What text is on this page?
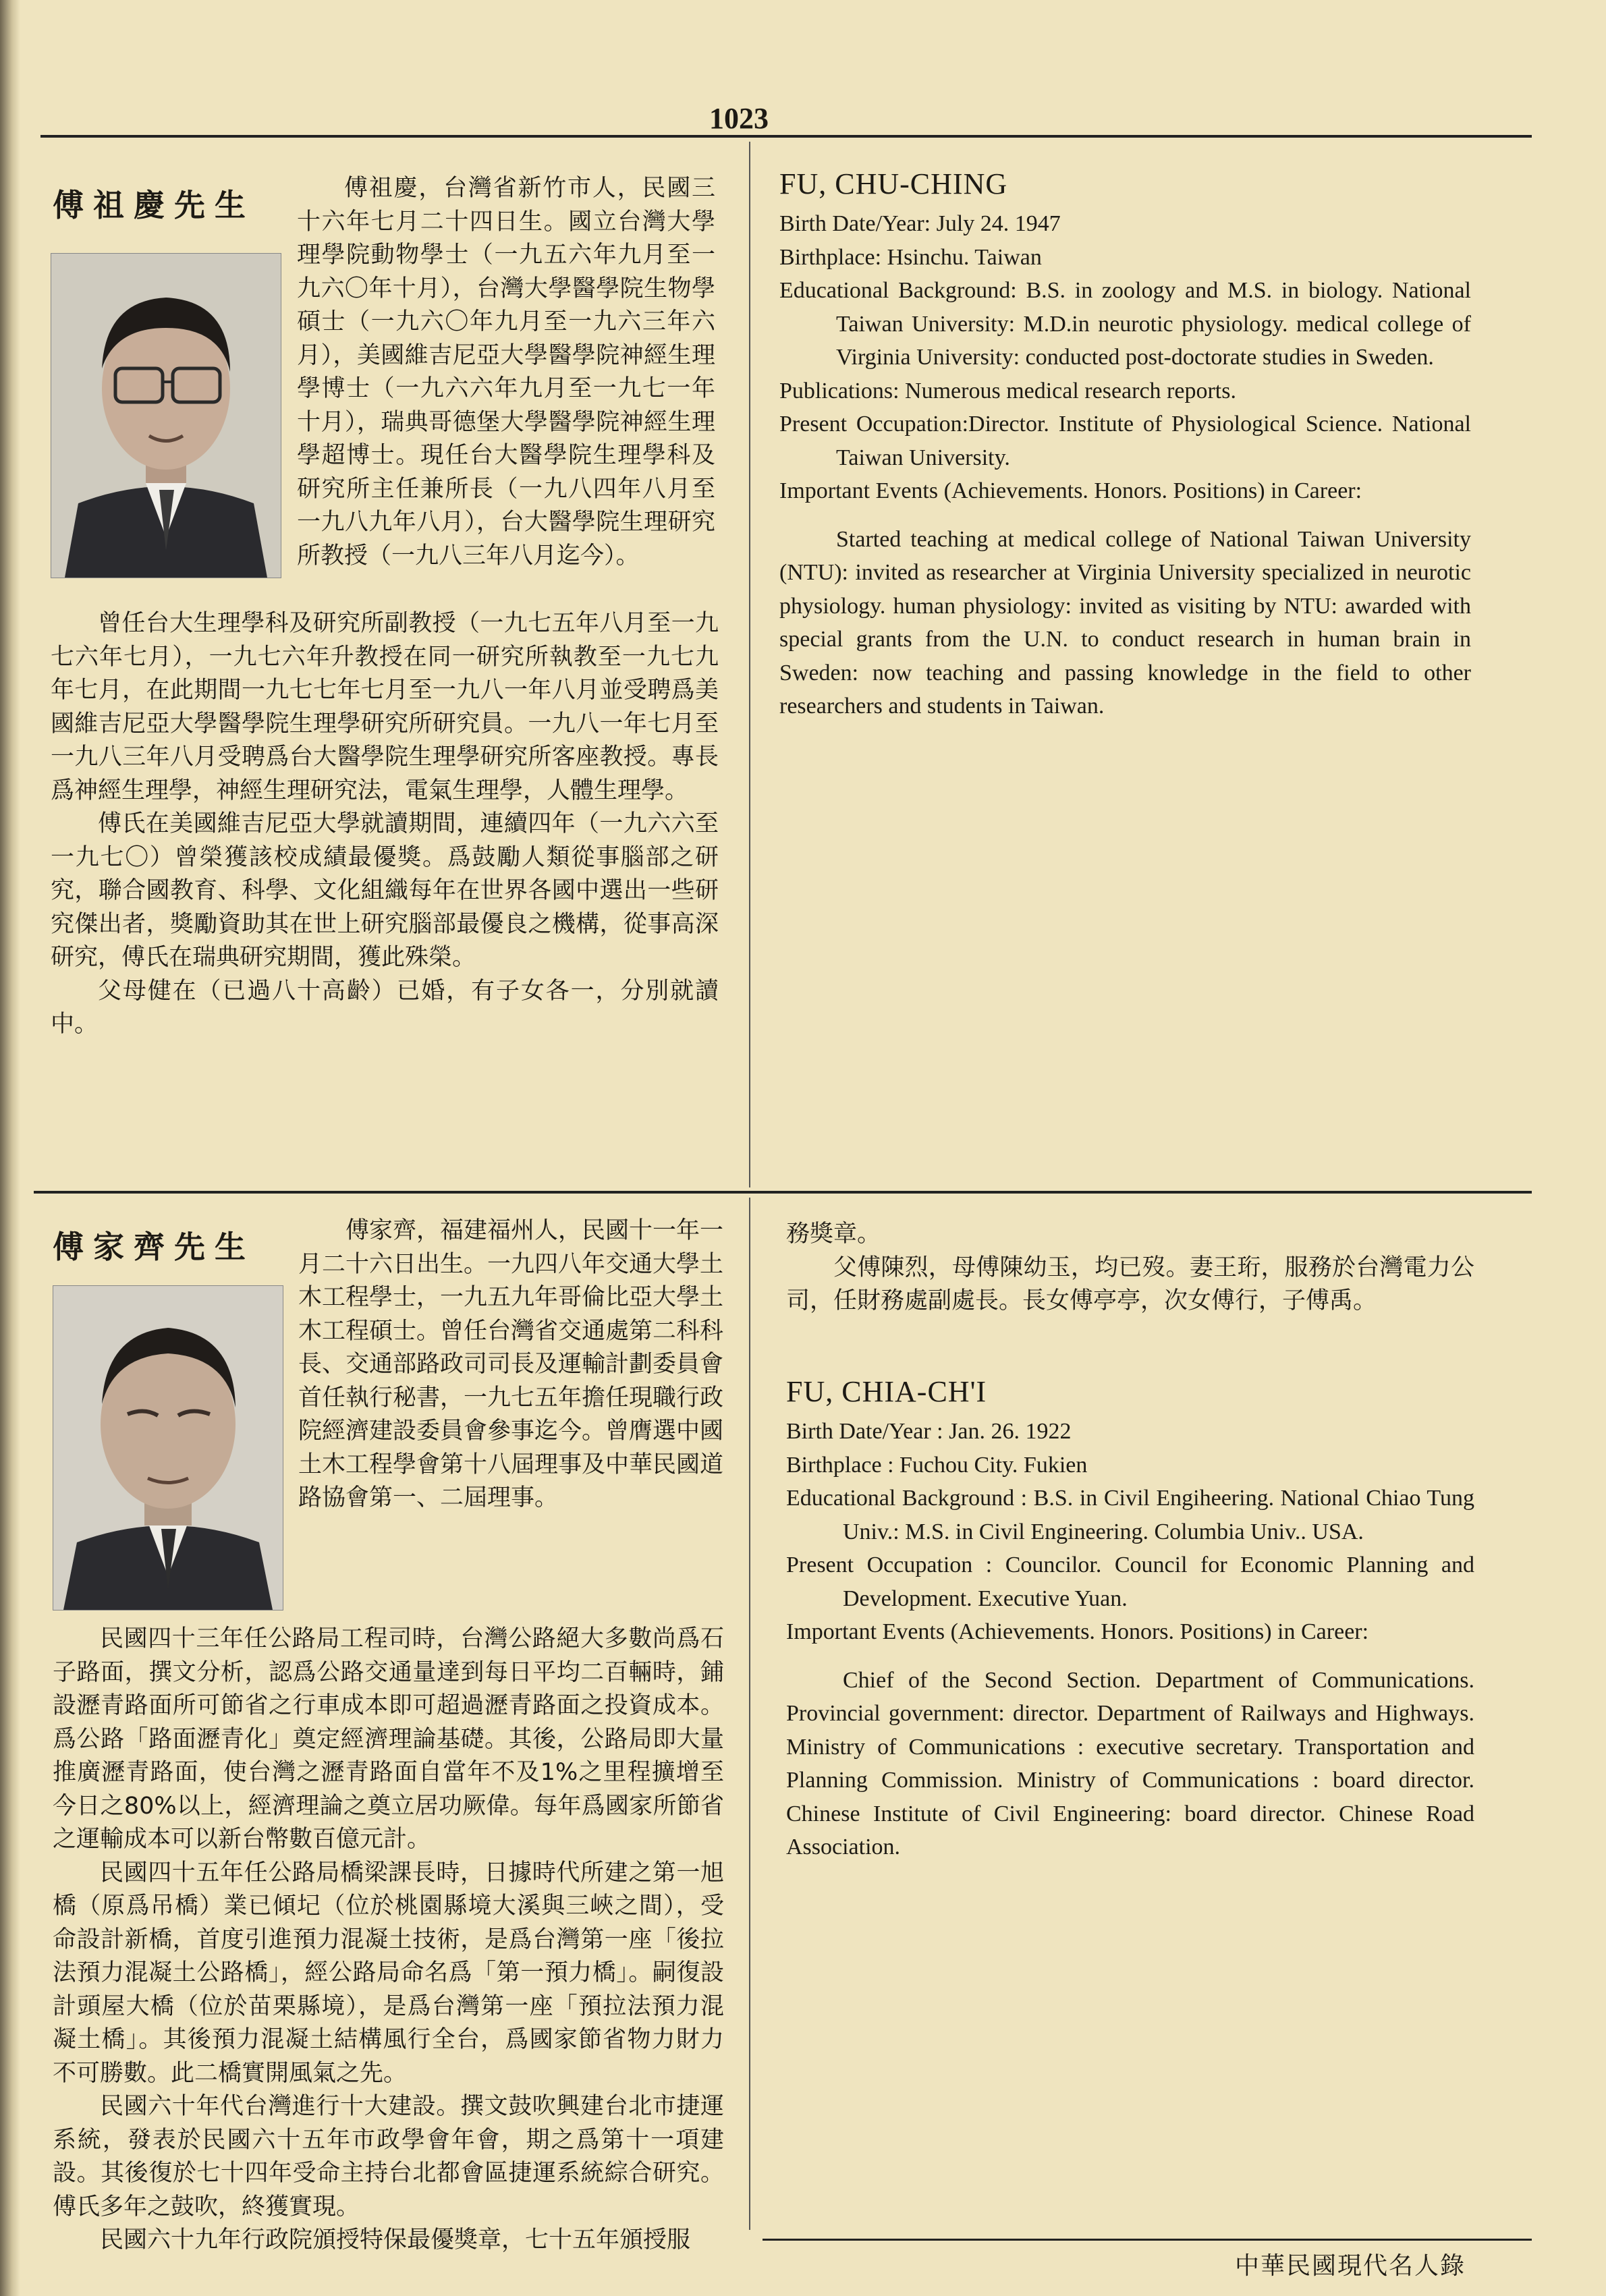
1023
傅祖慶先生	傅祖慶，台灣省新竹市人，民國三十六年七月二十四日生。國立台灣大學理學院動物學士（一九五六年九月至一九六〇年十月），台灣大學醫學院生物學碩士（一九六〇年九月至一九六三年六月），美國維吉尼亞大學醫學院神經生理學博士（一九六六年九月至一九七一年十月），瑞典哥德堡大學醫學院神經生理學超博士。現任台大醫學院生理學科及研究所主任兼所長（一九八四年八月至一九八九年八月），台大醫學院生理研究所教授（一九八三年八月迄今）。

曾任台大生理學科及研究所副教授（一九七五年八月至一九七六年七月），一九七六年升教授在同一研究所執教至一九七九年七月，在此期間一九七七年七月至一九八一年八月並受聘爲美國維吉尼亞大學醫學院生理學研究所研究員。一九八一年七月至一九八三年八月受聘爲台大醫學院生理學研究所客座教授。專長爲神經生理學，神經生理研究法，電氣生理學，人體生理學。

傅氏在美國維吉尼亞大學就讀期間，連續四年（一九六六至一九七〇）曾榮獲該校成績最優獎。爲鼓勵人類從事腦部之研究，聯合國教育、科學、文化組織每年在世界各國中選出一些研究傑出者，獎勵資助其在世上研究腦部最優良之機構，從事高深研究，傅氏在瑞典研究期間，獲此殊榮。

父母健在（已過八十高齡）已婚，有子女各一，分別就讀中。

FU, CHU-CHING

Birth Date/Year: July 24. 1947

Birthplace: Hsinchu. Taiwan

Educational Background: B.S. in zoology and M.S. in biology. National Taiwan University: M.D.in neurotic physiology. medical college of Virginia University: conducted post-doctorate studies in Sweden.

Publications: Numerous medical research reports.

Present Occupation:Director. Institute of Physiological Science. National Taiwan University.

Important Events (Achievements. Honors. Positions) in Career:

Started teaching at medical college of National Taiwan University (NTU): invited as researcher at Virginia University specialized in neurotic physiology. human physiology: invited as visiting by NTU: awarded with special grants from the U.N. to conduct research in human brain in Sweden: now teaching and passing knowledge in the field to other researchers and students in Taiwan.

傅家齊先生	傅家齊，福建福州人，民國十一年一月二十六日出生。一九四八年交通大學土木工程學士，一九五九年哥倫比亞大學土木工程碩士。曾任台灣省交通處第二科科長、交通部路政司司長及運輸計劃委員會首任執行秘書，一九七五年擔任現職行政院經濟建設委員會參事迄今。曾膺選中國土木工程學會第十八屆理事及中華民國道路協會第一、二屆理事。

民國四十三年任公路局工程司時，台灣公路絕大多數尚爲石子路面，撰文分析，認爲公路交通量達到每日平均二百輛時，鋪設瀝青路面所可節省之行車成本即可超過瀝青路面之投資成本。爲公路「路面瀝青化」奠定經濟理論基礎。其後，公路局即大量推廣瀝青路面，使台灣之瀝青路面自當年不及1%之里程擴增至今日之80%以上，經濟理論之奠立居功厥偉。每年爲國家所節省之運輸成本可以新台幣數百億元計。

民國四十五年任公路局橋梁課長時，日據時代所建之第一旭橋（原爲吊橋）業已傾圮（位於桃園縣境大溪與三峽之間），受命設計新橋，首度引進預力混凝土技術，是爲台灣第一座「後拉法預力混凝土公路橋」，經公路局命名爲「第一預力橋」。嗣復設計頭屋大橋（位於苗栗縣境），是爲台灣第一座「預拉法預力混凝土橋」。其後預力混凝土結構風行全台，爲國家節省物力財力不可勝數。此二橋實開風氣之先。

民國六十年代台灣進行十大建設。撰文鼓吹興建台北市捷運系統，發表於民國六十五年市政學會年會，期之爲第十一項建設。其後復於七十四年受命主持台北都會區捷運系統綜合研究。傅氏多年之鼓吹，終獲實現。

民國六十九年行政院頒授特保最優獎章，七十五年頒授服

務獎章。

父傅陳烈，母傅陳幼玉，均已歿。妻王珩，服務於台灣電力公司，任財務處副處長。長女傅亭亭，次女傅行，子傅禹。

FU, CHIA-CH'I

Birth Date/Year : Jan. 26. 1922

Birthplace : Fuchou City. Fukien

Educational Background : B.S. in Civil Engiheering. National Chiao Tung Univ.: M.S. in Civil Engineering. Columbia Univ.. USA.

Present Occupation : Councilor. Council for Economic Planning and Development. Executive Yuan.

Important Events (Achievements. Honors. Positions) in Career:

Chief of the Second Section. Department of Communications. Provincial government: director. Department of Railways and Highways. Ministry of Communications : executive secretary. Transportation and Planning Commission. Ministry of Communications : board director. Chinese Institute of Civil Engineering: board director. Chinese Road Association.

中華民國現代名人錄
